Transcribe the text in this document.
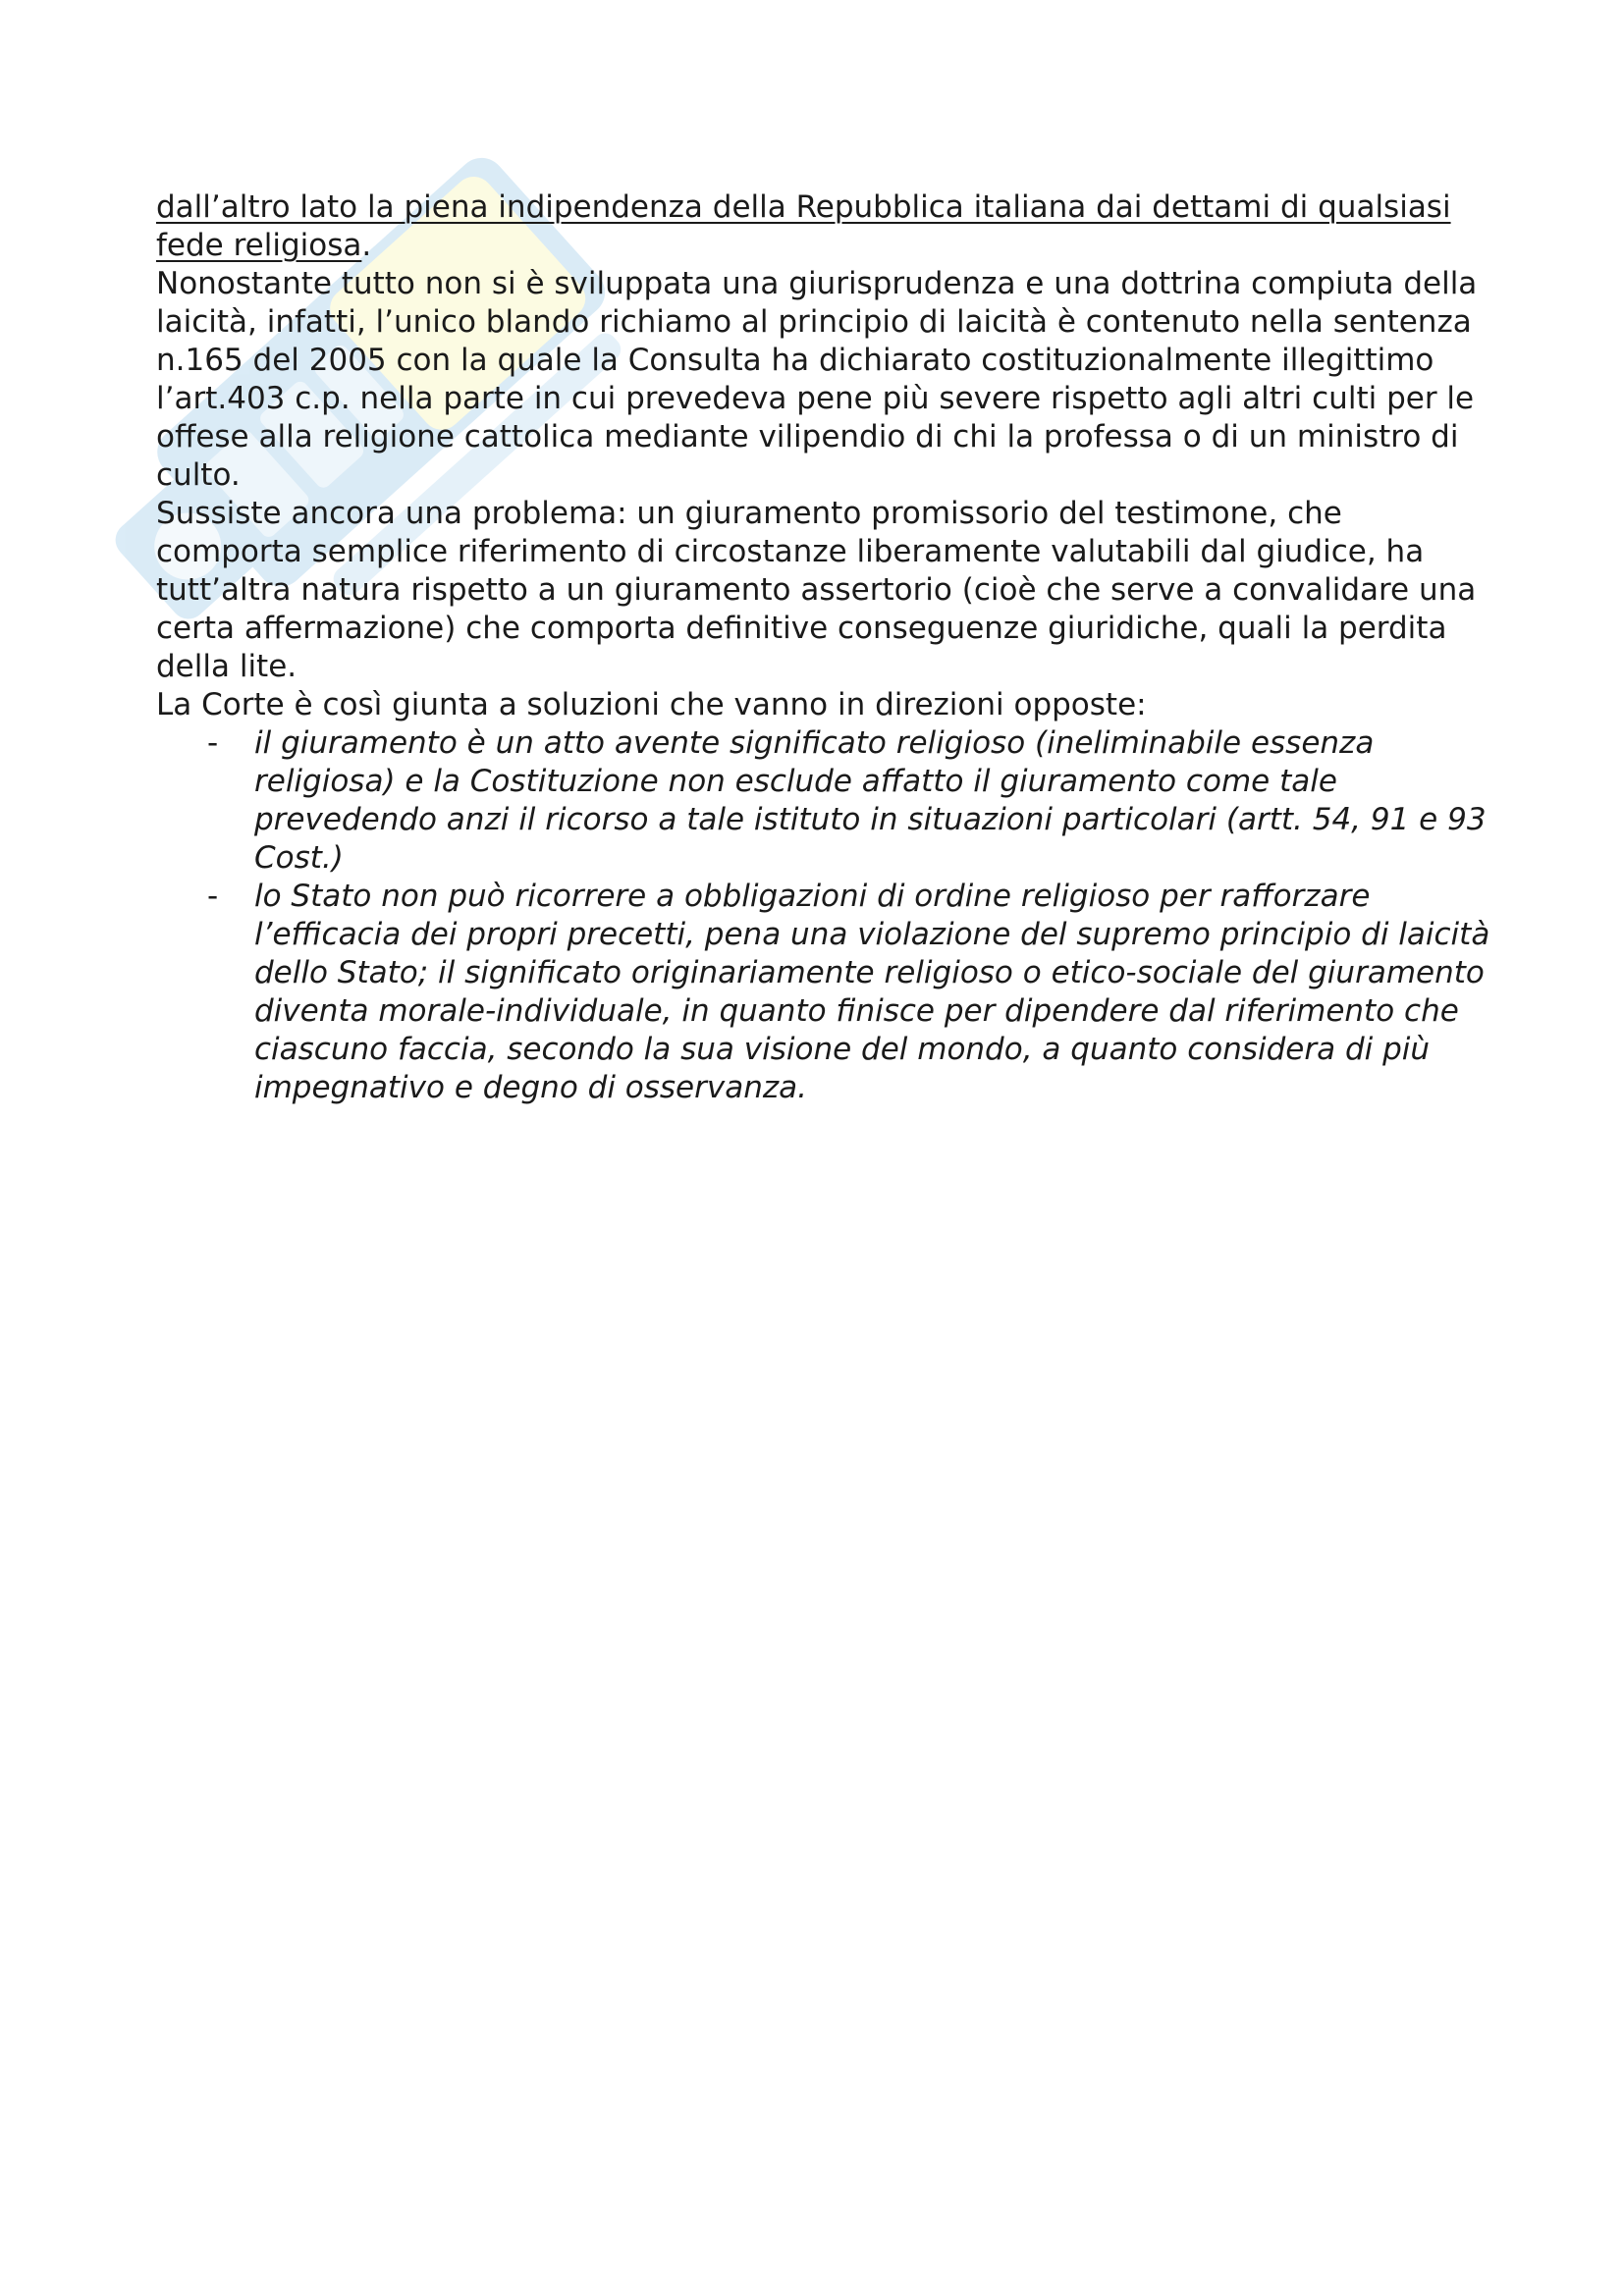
dall’altro lato la piena indipendenza della Repubblica italiana dai dettami di qualsiasi fede religiosa.

Nonostante tutto non si è sviluppata una giurisprudenza e una dottrina compiuta della laicità, infatti, l’unico blando richiamo al principio di laicità è contenuto nella sentenza n.165 del 2005 con la quale la Consulta ha dichiarato costituzionalmente illegittimo l’art.403 c.p. nella parte in cui prevedeva pene più severe rispetto agli altri culti per le offese alla religione cattolica mediante vilipendio di chi la professa o di un ministro di culto.

Sussiste ancora una problema: un giuramento promissorio del testimone, che comporta semplice riferimento di circostanze liberamente valutabili dal giudice, ha tutt’altra natura rispetto a un giuramento assertorio (cioè che serve a convalidare una certa affermazione) che comporta definitive conseguenze giuridiche, quali la perdita della lite.

La Corte è così giunta a soluzioni che vanno in direzioni opposte:

- il giuramento è un atto avente significato religioso (ineliminabile essenza religiosa) e la Costituzione non esclude affatto il giuramento come tale prevedendo anzi il ricorso a tale istituto in situazioni particolari (artt. 54, 91 e 93 Cost.)
- lo Stato non può ricorrere a obbligazioni di ordine religioso per rafforzare l’efficacia dei propri precetti, pena una violazione del supremo principio di laicità dello Stato; il significato originariamente religioso o etico-sociale del giuramento diventa morale-individuale, in quanto finisce per dipendere dal riferimento che ciascuno faccia, secondo la sua visione del mondo, a quanto considera di più impegnativo e degno di osservanza.
